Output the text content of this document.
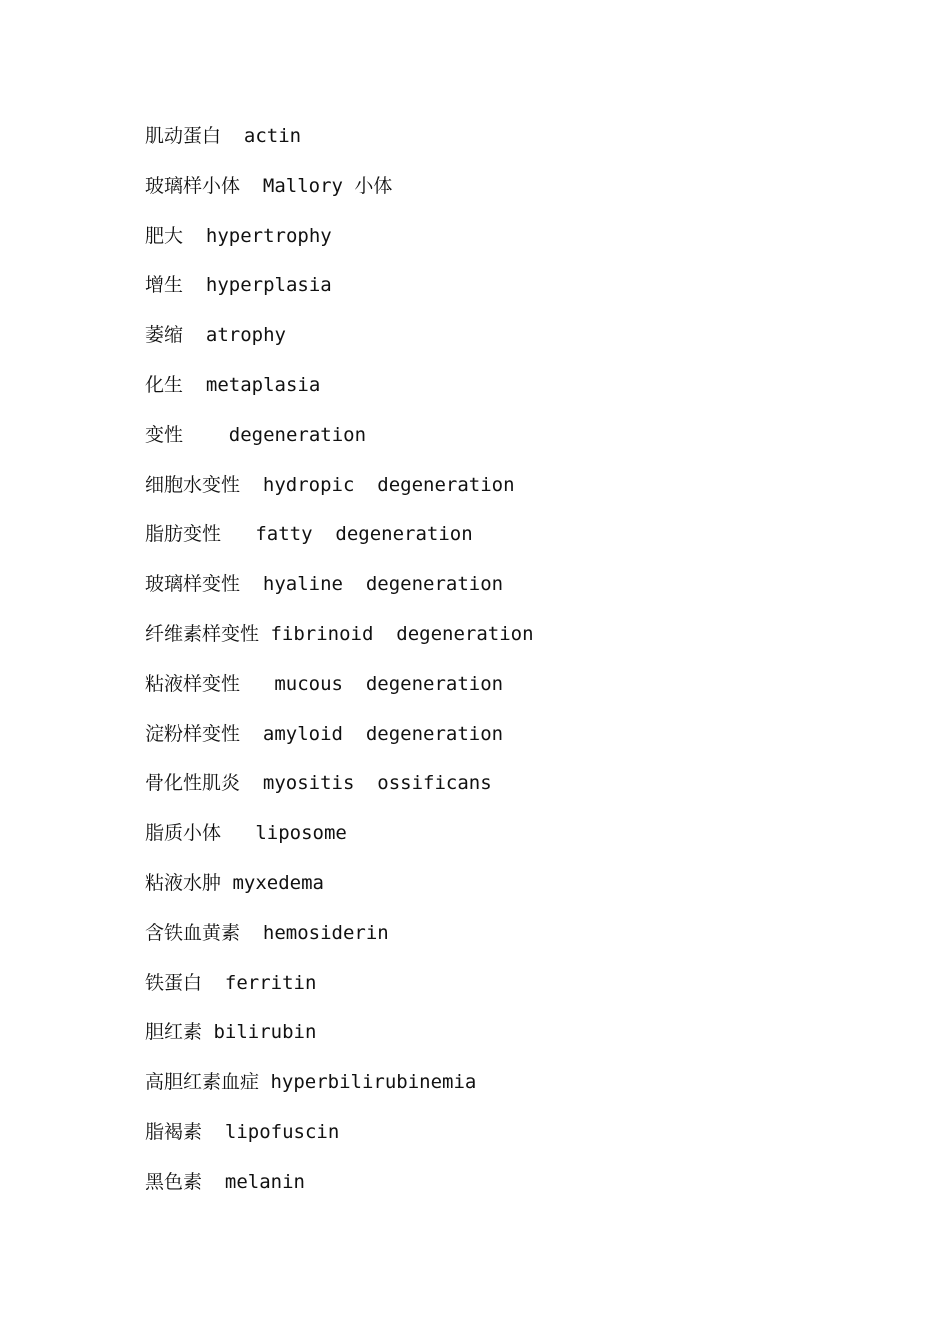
肌动蛋白  actin
玻璃样小体  Mallory 小体
肥大  hypertrophy
增生  hyperplasia
萎缩  atrophy
化生  metaplasia
变性    degeneration
细胞水变性  hydropic  degeneration
脂肪变性   fatty  degeneration
玻璃样变性  hyaline  degeneration
纤维素样变性 fibrinoid  degeneration
粘液样变性   mucous  degeneration
淀粉样变性  amyloid  degeneration
骨化性肌炎  myositis  ossificans
脂质小体   liposome
粘液水肿 myxedema
含铁血黄素  hemosiderin
铁蛋白  ferritin
胆红素 bilirubin
高胆红素血症 hyperbilirubinemia
脂褐素  lipofuscin
黑色素  melanin
